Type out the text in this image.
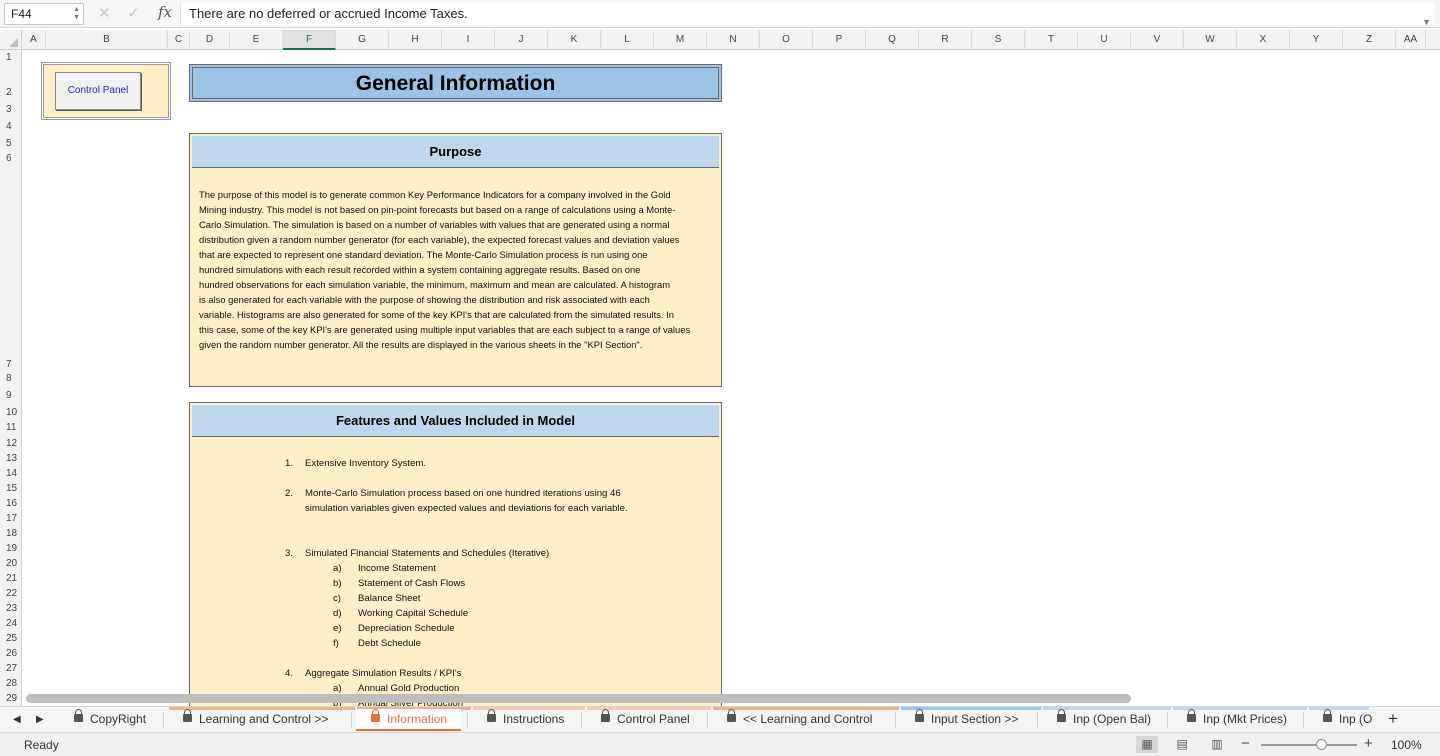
F44	▲
▼ ✕ ✓ fx	There are no deferred or accrued Income Taxes.
▼
A	B	C	D	E	F	G	H	I	J	K	L	M	N	O	P	Q	R	S	T	U	V	W	X	Y	Z	AA
1
2
3
4
5
6
7
8
9
10
11
12
13
14
15
16
17
18
19
20
21
22
23
24
25
26
27
28
29
Control Panel	General Information
Purpose
The purpose of this model is to generate common Key Performance Indicators for a company involved in the Gold
Mining industry. This model is not based on pin-point forecasts but based on a range of calculations using a Monte-
Carlo Simulation. The simulation is based on a number of variables with values that are generated using a normal
distribution given a random number generator (for each variable), the expected forecast values and deviation values
that are expected to represent one standard deviation. The Monte-Carlo Simulation process is run using one
hundred simulations with each result recorded within a system containing aggregate results. Based on one
hundred observations for each simulation variable, the minimum, maximum and mean are calculated. A histogram
is also generated for each variable with the purpose of showing the distribution and risk associated with each
variable. Histograms are also generated for some of the key KPI's that are calculated from the simulated results. In
this case, some of the key KPI's are generated using multiple input variables that are each subject to a range of values
given the random number generator. All the results are displayed in the various sheets in the "KPI Section".
Features and Values Included in Model
1. Extensive Inventory System.
2. Monte-Carlo Simulation process based on one hundred iterations using 46
simulation variables given expected values and deviations for each variable.
3. Simulated Financial Statements and Schedules (Iterative)
4. Aggregate Simulation Results / KPI's
a) Income Statement
b) Statement of Cash Flows
c) Balance Sheet
d) Working Capital Schedule
e) Depreciation Schedule
f) Debt Schedule
a) Annual Gold Production
◀ ▶	CopyRight	Learning and Control >>	Information	Instructions	Control Panel	<< Learning and Control	Input Section >>	Inp (Open Bal)	Inp (Mkt Prices)	Inp (O +
Ready	▦	▤	▥	−	+ 100%
